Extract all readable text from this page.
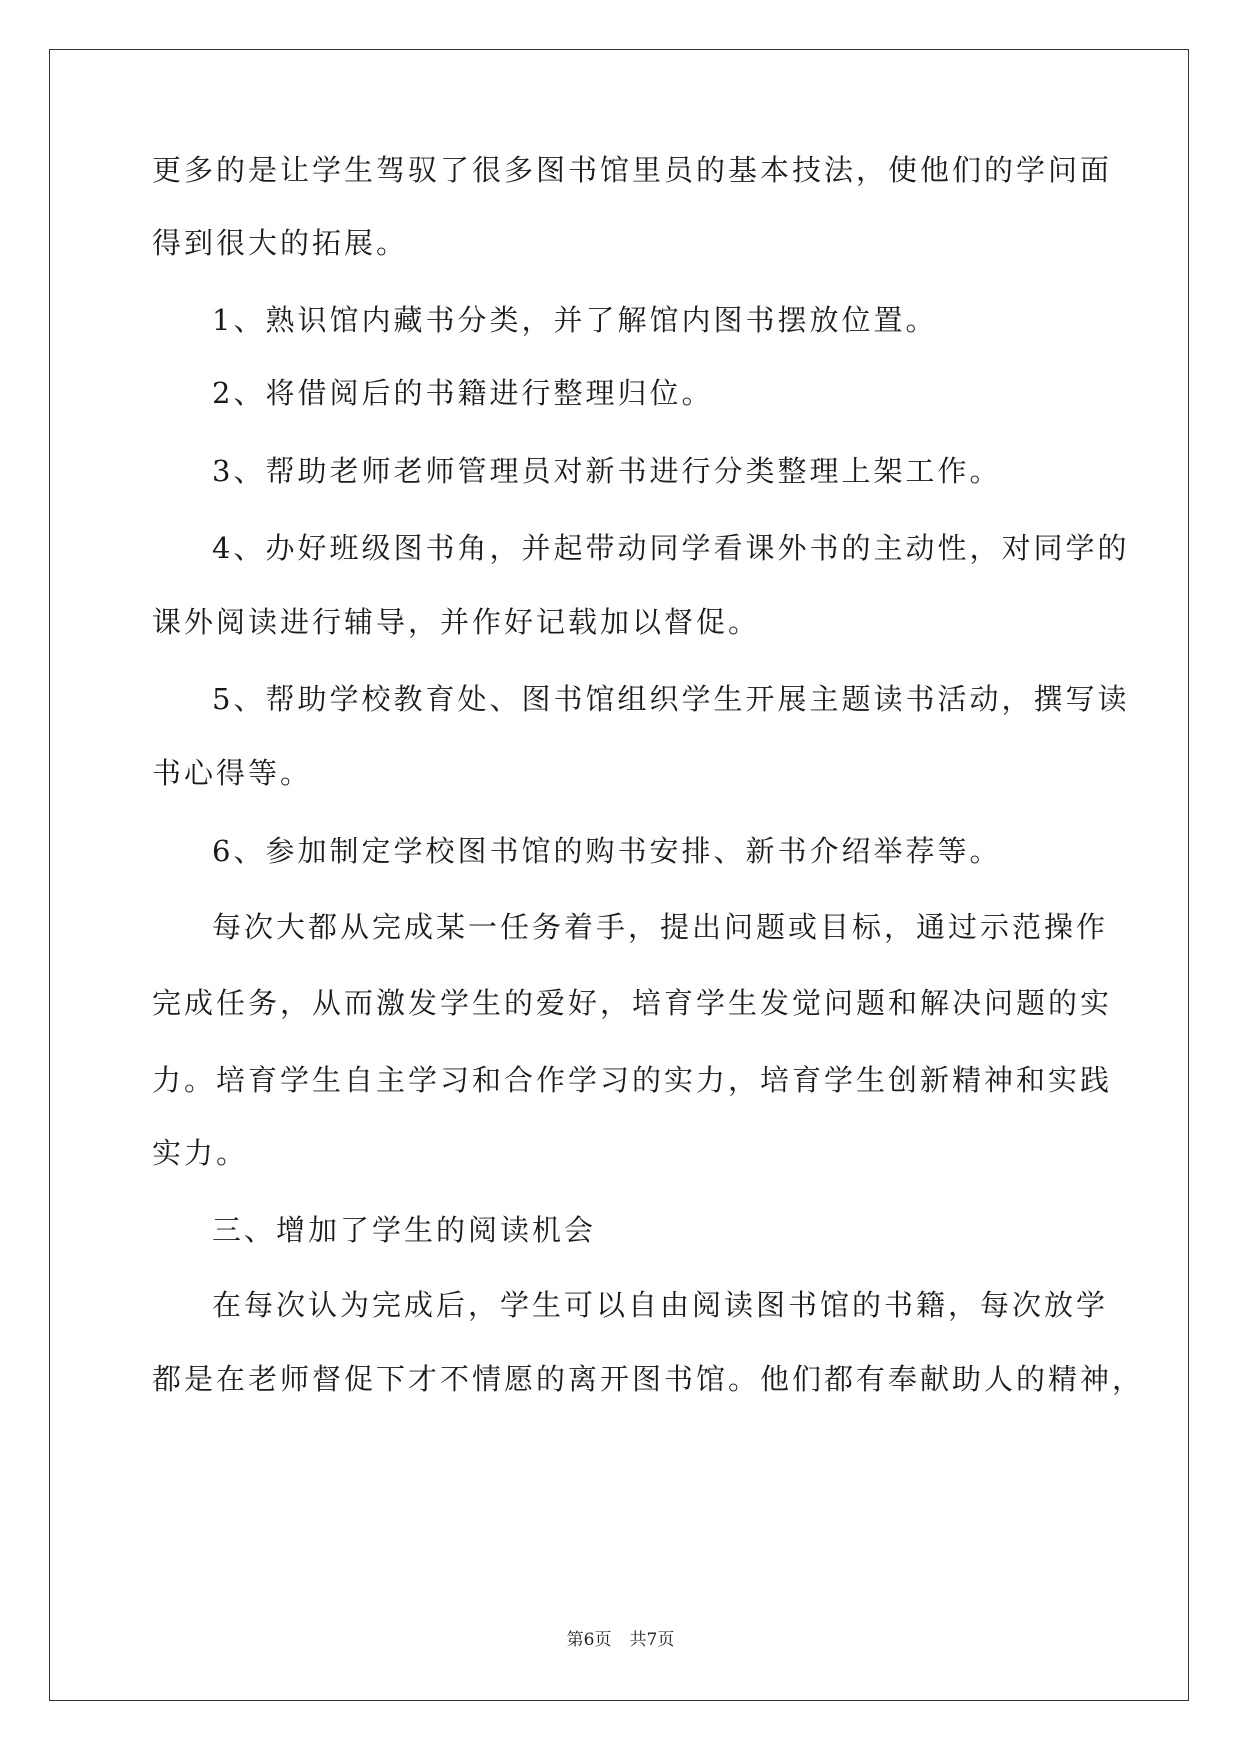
更多的是让学生驾驭了很多图书馆里员的基本技法，使他们的学问面
得到很大的拓展。
1、熟识馆内藏书分类，并了解馆内图书摆放位置。
2、将借阅后的书籍进行整理归位。
3、帮助老师老师管理员对新书进行分类整理上架工作。
4、办好班级图书角，并起带动同学看课外书的主动性，对同学的
课外阅读进行辅导，并作好记载加以督促。
5、帮助学校教育处、图书馆组织学生开展主题读书活动，撰写读
书心得等。
6、参加制定学校图书馆的购书安排、新书介绍举荐等。
每次大都从完成某一任务着手，提出问题或目标，通过示范操作
完成任务，从而激发学生的爱好，培育学生发觉问题和解决问题的实
力。培育学生自主学习和合作学习的实力，培育学生创新精神和实践
实力。
三、增加了学生的阅读机会
在每次认为完成后，学生可以自由阅读图书馆的书籍，每次放学
都是在老师督促下才不情愿的离开图书馆。他们都有奉献助人的精神，
第6页 共7页
